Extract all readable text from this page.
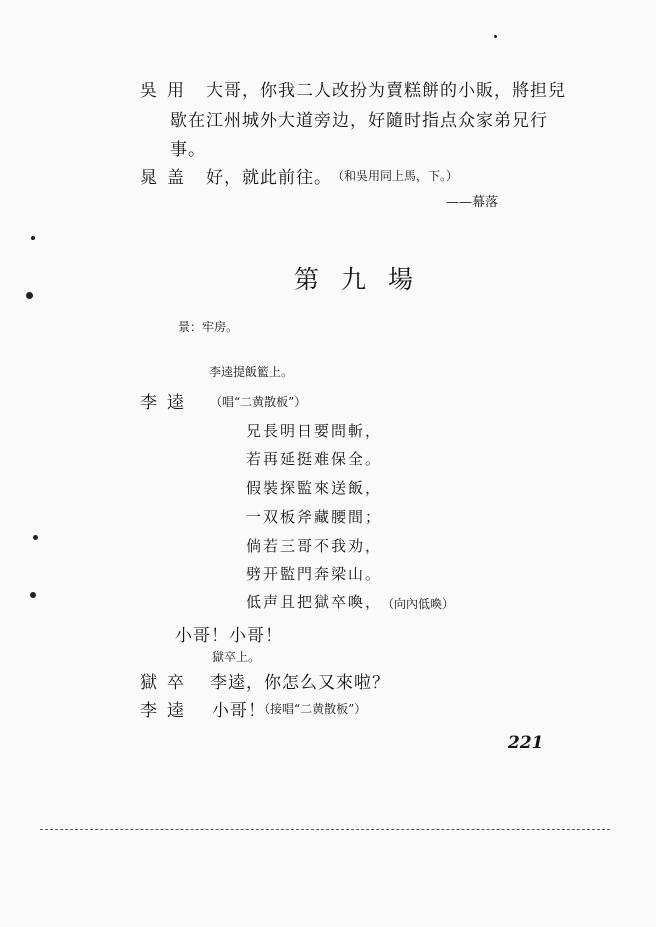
吳用 大哥，你我二人改扮为賣糕餅的小販，將担兒
歇在江州城外大道旁边，好隨时指点众家弟兄行
事。
晁盖 好，就此前往。 （和吳用同上馬，下。）
——幕落
第九場
景：牢房。
李逵提飯籃上。
李逵 （唱“二黄散板”）
兄長明日要問斬，
若再延挺难保全。
假裝探監來送飯，
一双板斧藏腰間；
倘若三哥不我劝，
劈开監門奔梁山。
低声且把獄卒喚， （向內低喚）
小哥！小哥！
獄卒上。
獄卒 李逵，你怎么又來啦？
李逵 小哥！
（接唱“二黄散板”）
221
